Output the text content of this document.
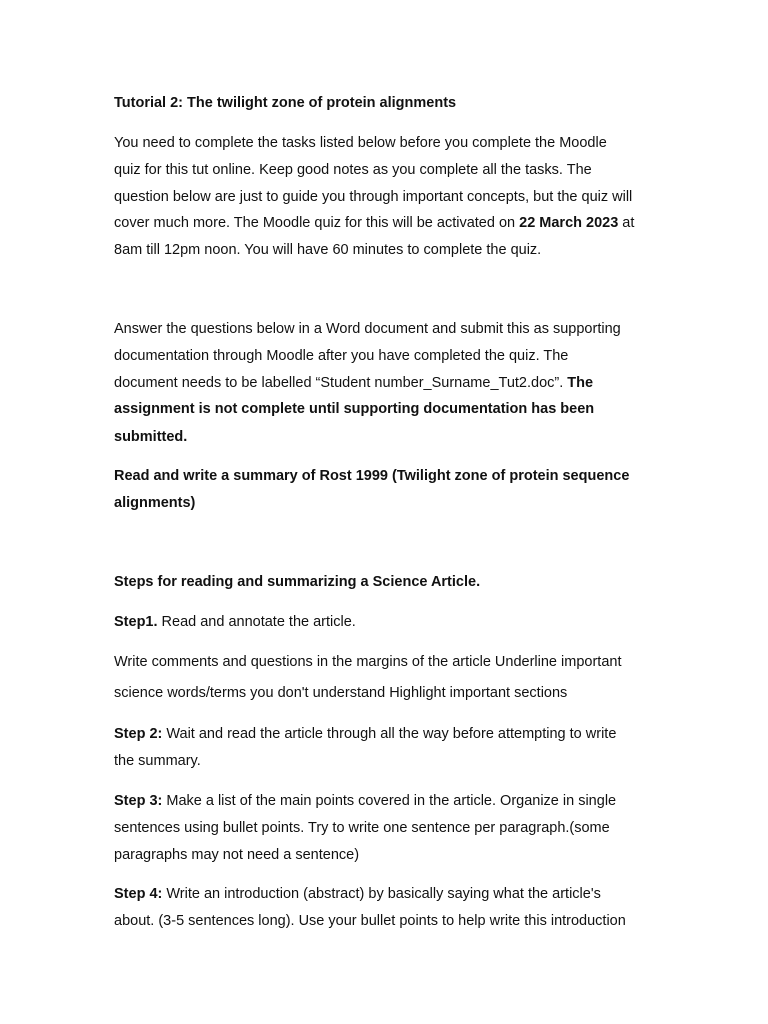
Tutorial 2: The twilight zone of protein alignments
You need to complete the tasks listed below before you complete the Moodle
quiz for this tut online. Keep good notes as you complete all the tasks. The
question below are just to guide you through important concepts, but the quiz will
cover much more. The Moodle quiz for this will be activated on 22 March 2023 at
8am till 12pm noon. You will have 60 minutes to complete the quiz.
Answer the questions below in a Word document and submit this as supporting
documentation through Moodle after you have completed the quiz. The
document needs to be labelled “Student number_Surname_Tut2.doc”. The
assignment is not complete until supporting documentation has been
submitted.
Read and write a summary of Rost 1999 (Twilight zone of protein sequence
alignments)
Steps for reading and summarizing a Science Article.
Step1. Read and annotate the article.
Write comments and questions in the margins of the article Underline important
science words/terms you don't understand Highlight important sections
Step 2: Wait and read the article through all the way before attempting to write
the summary.
Step 3: Make a list of the main points covered in the article. Organize in single
sentences using bullet points. Try to write one sentence per paragraph.(some
paragraphs may not need a sentence)
Step 4: Write an introduction (abstract) by basically saying what the article's
about. (3-5 sentences long). Use your bullet points to help write this introduction
